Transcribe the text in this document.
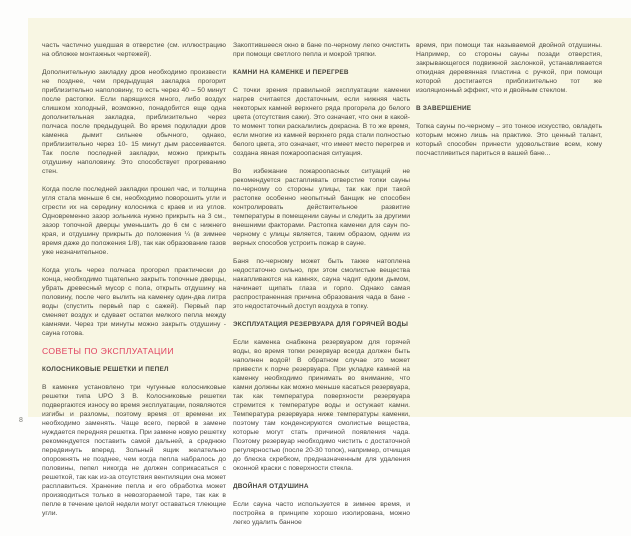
часть частично ушедшая в отверстие (см. иллюстрацию на обложке монтажных чертежей).

Дополнительную закладку дров необходимо произвести не позднее, чем предыдущая закладка прогорит приблизительно наполовину, то есть через 40 – 50 минут после растопки. Если парящихся много, либо воздух слишком холодный, возможно, понадобится еще одна дополнительная закладка, приблизительно через полчаса после предыдущей. Во время подкладки дров каменка дымит сильнее обычного, однако, приблизительно через 10- 15 минут дым рассеивается. Так после последней закладки, можно прикрыть отдушину наполовину. Это способствует прогреванию стен.

Когда после последней закладки прошел час, и толщина угля стала меньше 6 см, необходимо поворошить угли и сгрести их на середину колосника с краев и из углов. Одновременно зазор зольника нужно прикрыть на 3 см., зазор топочной дверцы уменьшить до 6 см с нижнего края, и отдушину прикрыть до положения ¼ (в зимнее время даже до положения 1/8), так как образование газов уже незначительное.

Когда уголь через полчаса прогорел практически до конца, необходимо тщательно закрыть топочные дверцы, убрать древесный мусор с пола, открыть отдушину на половину, после чего вылить на каменку один-два литра воды (спустить первый пар с сажей). Первый пар сменяет воздух и сдувает остатки мелкого пепла между камнями. Через три минуты можно закрыть отдушину - сауна готова.

СОВЕТЫ ПО ЭКСПЛУАТАЦИИ

КОЛОСНИКОВЫЕ РЕШЕТКИ И ПЕПЕЛ

В каменке установлено три чугунные колосниковые решетки типа UPO 3 В. Колосниковые решетки подвергаются износу во время эксплуатации, появляются изгибы и разломы, поэтому время от времени их необходимо заменять. Чаще всего, первой в замене нуждается передняя решетка. При замене новую решетку рекомендуется поставить самой дальней, а среднюю передвинуть вперед. Зольный ящик желательно опорожнять не позднее, чем когда пепла набралось до половины, пепел никогда не должен соприкасаться с решеткой, так как из-за отсутствия вентиляции она может расплавиться. Хранение пепла и его обработка может производиться только в невозгораемой таре, так как в пепле в течение целой недели могут оставаться тлеющие угли.

Закоптившееся окно в бане по-черному легко очистить при помощи светлого пепла и мокрой тряпки.

КАМНИ НА КАМЕНКЕ И ПЕРЕГРЕВ

С точки зрения правильной эксплуатации каменки нагрев считается достаточным, если нижняя часть некоторых камней верхнего ряда прогорела до белого цвета (отсутствия сажи). Это означает, что они в какой-то момент топки раскалились докрасна. В то же время, если многие из камней верхнего ряда стали полностью белого цвета, это означает, что имеет место перегрев и создана явная пожароопасная ситуация.

Во избежание пожароопасных ситуаций не рекомендуется растапливать отверстие топки сауны по-черному со стороны улицы, так как при такой растопке особенно неопытный банщик не способен контролировать действительное развитие температуры в помещении сауны и следить за другими внешними факторами. Растопка каменки для саун по-черному с улицы является, таким образом, одним из верных способов устроить пожар в сауне.

Баня по-черному может быть также натоплена недостаточно сильно, при этом смолистые вещества накапливаются на камнях, сауна чадит едким дымом, начинает щипать глаза и горло. Однако самая распространенная причина образования чада в бане - это недостаточный доступ воздуха в топку.

ЭКСПЛУАТАЦИЯ РЕЗЕРВУАРА ДЛЯ ГОРЯЧЕЙ ВОДЫ

Если каменка снабжена резервуаром для горячей воды, во время топки резервуар всегда должен быть наполнен водой! В обратном случае это может привести к порче резервуара. При укладке камней на каменку необходимо принимать во внимание, что камни должны как можно меньше касаться резервуара, так как температура поверхности резервуара стремится к температуре воды и остужает камни. Температура резервуара ниже температуры каменки, поэтому там конденсируются смолистые вещества, которые могут стать причиной появления чада. Поэтому резервуар необходимо чистить с достаточной регулярностью (после 20-30 топок), например, отчищая до блеска скребком, предназначенным для удаления оконной краски с поверхности стекла.

ДВОЙНАЯ ОТДУШИНА

Если сауна часто используется в зимнее время, и постройка в принципе хорошо изолирована, можно легко удалить банное

время, при помощи так называемой двойной отдушины. Например, со стороны сауны позади отверстия, закрывающегося подвижной заслонкой, устанавливается откидная деревянная пластина с ручкой, при помощи которой достигается приблизительно тот же изоляционный эффект, что и двойным стеклом.

В ЗАВЕРШЕНИЕ

Топка сауны по-черному – это тонкое искусство, овладеть которым можно лишь на практике. Это ценный талант, который способен принести удовольствие всем, кому посчастливиться париться в вашей бане...

8
